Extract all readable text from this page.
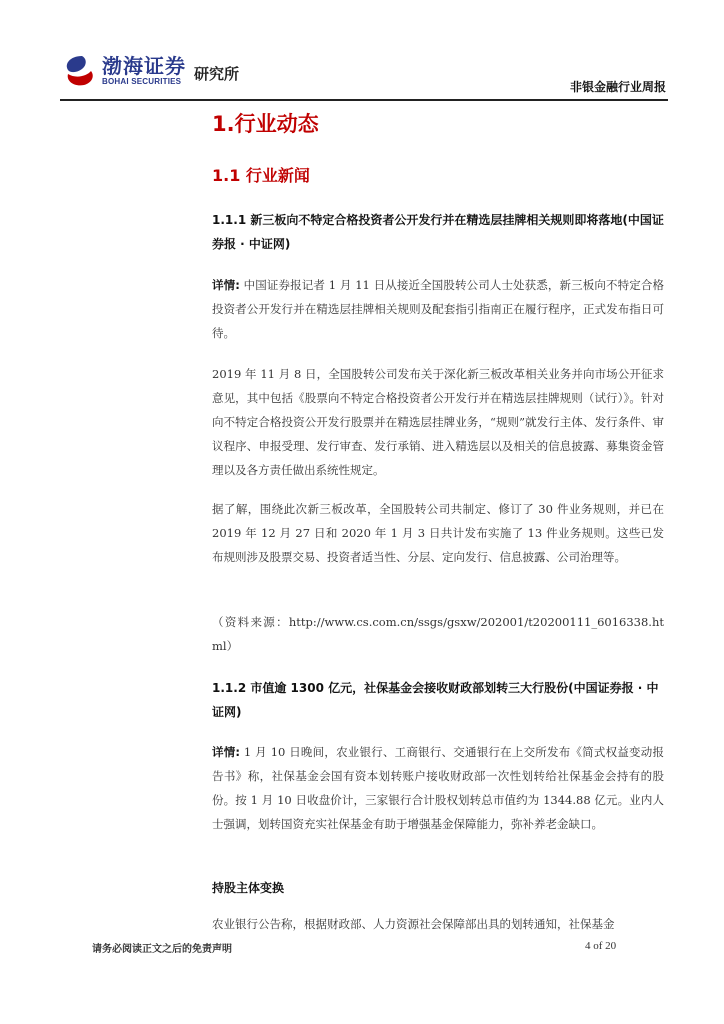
渤海证券
BOHAI SECURITIES 研究所
非银金融行业周报
1.行业动态
1.1 行业新闻
1.1.1 新三板向不特定合格投资者公开发行并在精选层挂牌相关规则即将落地(中国证券报 · 中证网)
详情: 中国证券报记者 1 月 11 日从接近全国股转公司人士处获悉，新三板向不特定合格投资者公开发行并在精选层挂牌相关规则及配套指引指南正在履行程序，正式发布指日可待。
2019 年 11 月 8 日，全国股转公司发布关于深化新三板改革相关业务并向市场公开征求意见，其中包括《股票向不特定合格投资者公开发行并在精选层挂牌规则（试行）》。针对向不特定合格投资公开发行股票并在精选层挂牌业务，“规则”就发行主体、发行条件、审议程序、申报受理、发行审查、发行承销、进入精选层以及相关的信息披露、募集资金管理以及各方责任做出系统性规定。
据了解，围绕此次新三板改革，全国股转公司共制定、修订了 30 件业务规则，并已在 2019 年 12 月 27 日和 2020 年 1 月 3 日共计发布实施了 13 件业务规则。这些已发布规则涉及股票交易、投资者适当性、分层、定向发行、信息披露、公司治理等。
（资料来源：http://www.cs.com.cn/ssgs/gsxw/202001/t20200111_6016338.html）
1.1.2 市值逾 1300 亿元，社保基金会接收财政部划转三大行股份(中国证券报 · 中证网)
详情: 1 月 10 日晚间，农业银行、工商银行、交通银行在上交所发布《简式权益变动报告书》称，社保基金会国有资本划转账户接收财政部一次性划转给社保基金会持有的股份。按 1 月 10 日收盘价计，三家银行合计股权划转总市值约为 1344.88 亿元。业内人士强调，划转国资充实社保基金有助于增强基金保障能力，弥补养老金缺口。
持股主体变换
农业银行公告称，根据财政部、人力资源社会保障部出具的划转通知，社保基金
请务必阅读正文之后的免责声明	4 of 20
